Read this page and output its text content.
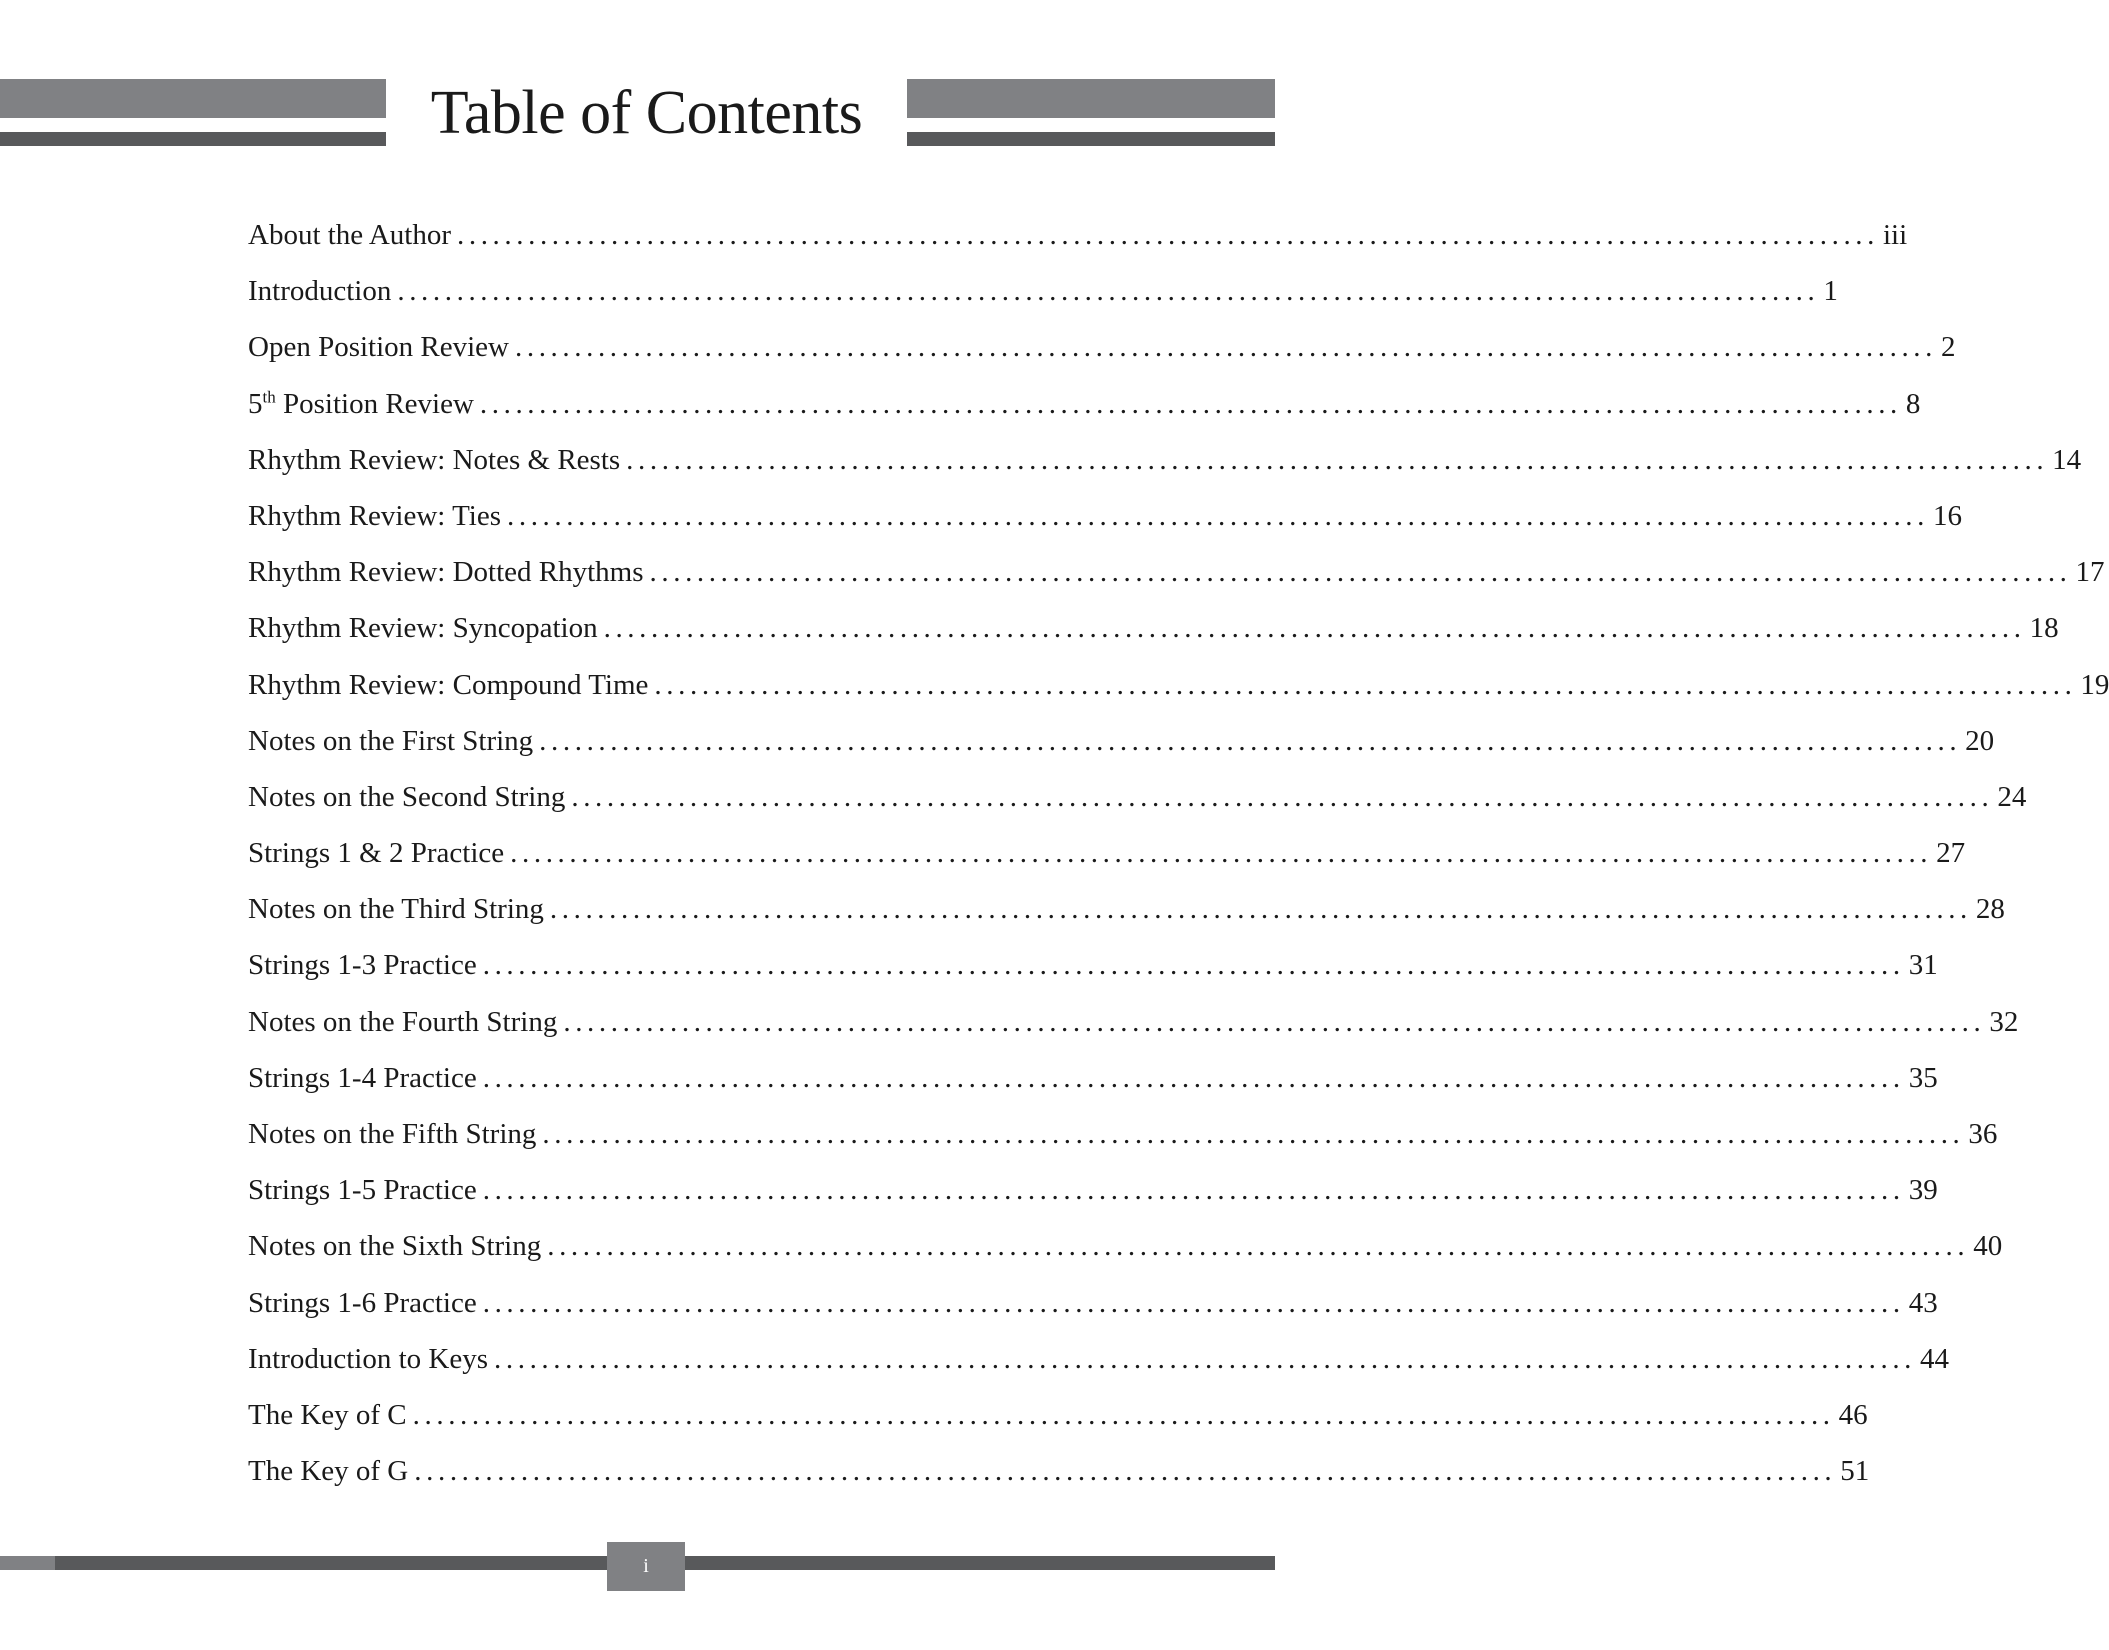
Table of Contents
About the Author ........................................................................................................................ iii
Introduction ........................................................................................................................ 1
Open Position Review ........................................................................................................................ 2
5th Position Review ........................................................................................................................ 8
Rhythm Review: Notes & Rests ........................................................................................................................ 14
Rhythm Review: Ties ........................................................................................................................ 16
Rhythm Review: Dotted Rhythms ........................................................................................................................ 17
Rhythm Review: Syncopation ........................................................................................................................ 18
Rhythm Review: Compound Time ........................................................................................................................ 19
Notes on the First String ........................................................................................................................ 20
Notes on the Second String ........................................................................................................................ 24
Strings 1 & 2 Practice ........................................................................................................................ 27
Notes on the Third String ........................................................................................................................ 28
Strings 1-3 Practice ........................................................................................................................ 31
Notes on the Fourth String ........................................................................................................................ 32
Strings 1-4 Practice ........................................................................................................................ 35
Notes on the Fifth String ........................................................................................................................ 36
Strings 1-5 Practice ........................................................................................................................ 39
Notes on the Sixth String ........................................................................................................................ 40
Strings 1-6 Practice ........................................................................................................................ 43
Introduction to Keys ........................................................................................................................ 44
The Key of C ........................................................................................................................ 46
The Key of G ........................................................................................................................ 51
i
